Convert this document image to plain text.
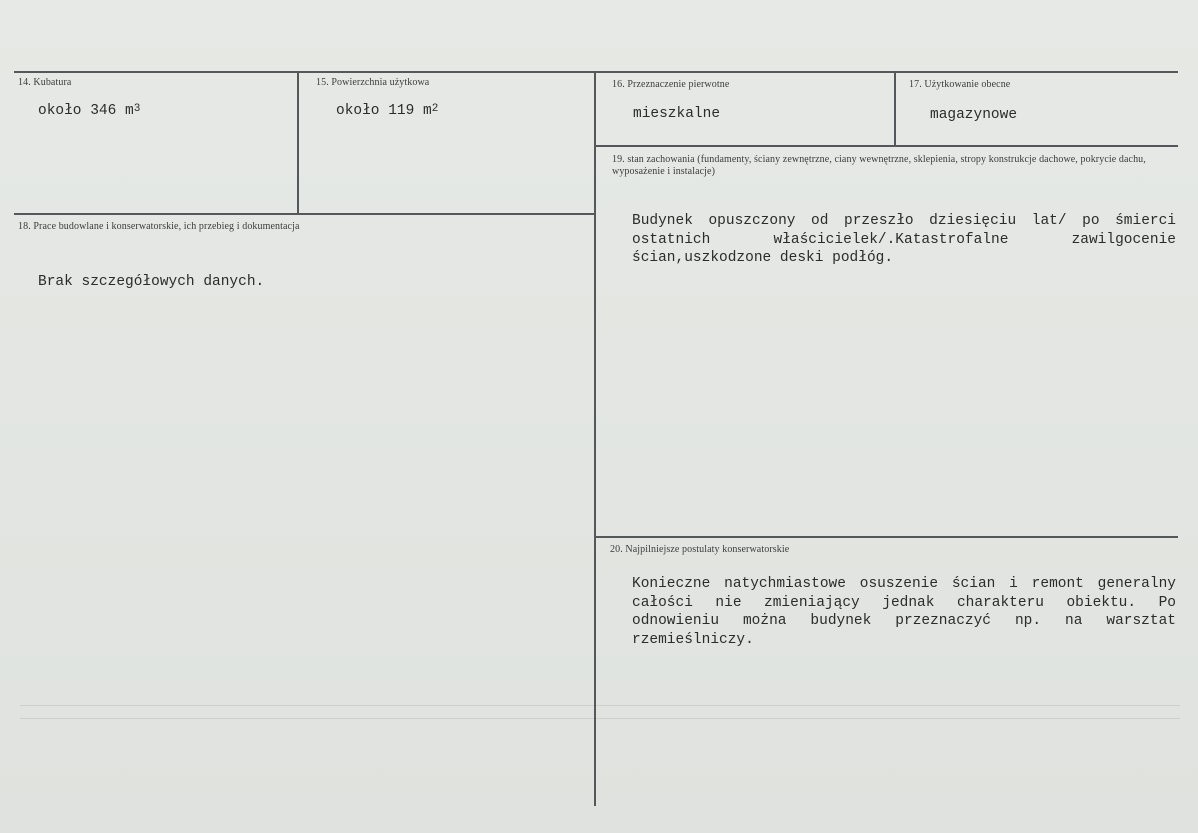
14. Kubatura
około 346 $m^3$
15. Powierzchnia użytkowa
około 119 $m^2$
16. Przeznaczenie pierwotne
mieszkalne
17. Użytkowanie obecne
magazynowe
18. Prace budowlane i konserwatorskie, ich przebieg i dokumentacja
Brak szczegółowych danych.
19. stan zachowania (fundamenty, ściany zewnętrzne, ciany wewnętrzne, sklepienia, stropy konstrukcje dachowe, pokrycie dachu, wyposażenie i instalacje)
Budynek opuszczony od przeszło dziesięciu lat/ po śmierci ostatnich właścicielek/.Katastrofalne zawilgocenie ścian,uszkodzone deski podłóg.
20. Najpilniejsze postulaty konserwatorskie
Konieczne natychmiastowe osuszenie ścian i remont generalny całości nie zmieniający jednak charakteru obiektu. Po odnowieniu można budynek przeznaczyć np. na warsztat rzemieślniczy.
